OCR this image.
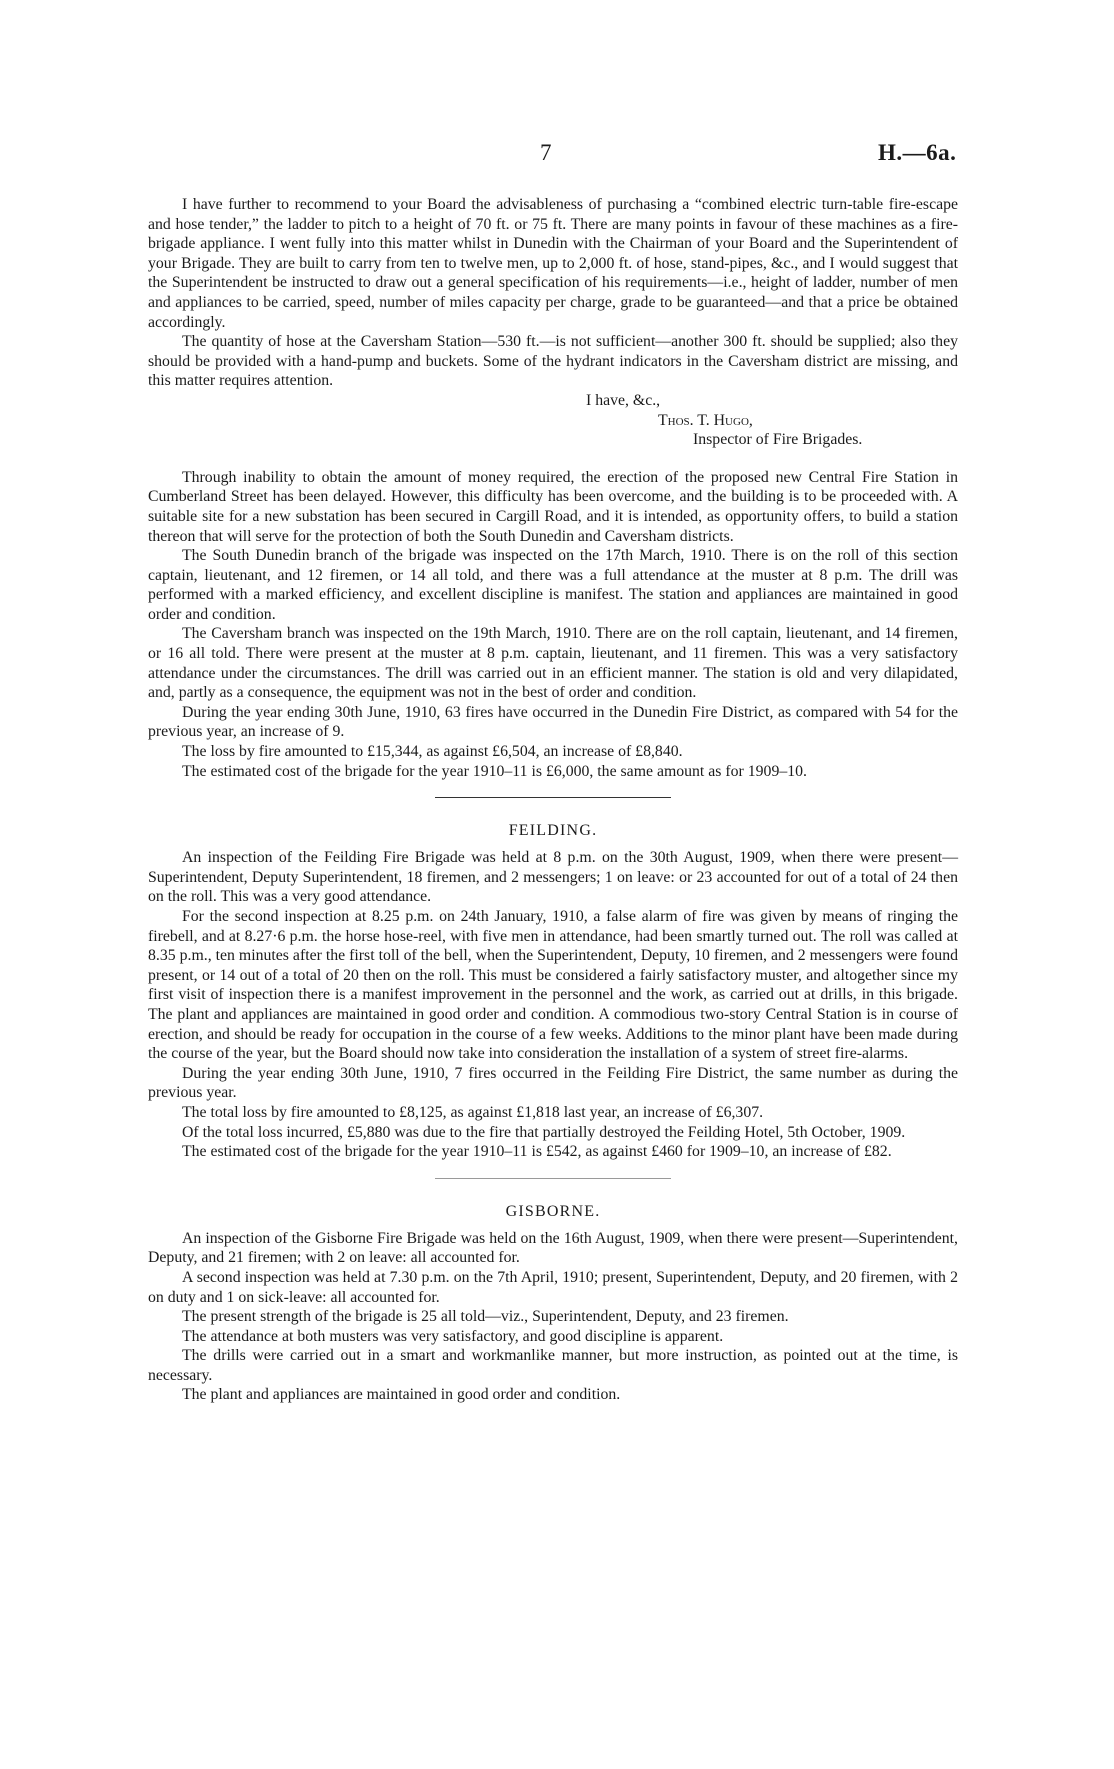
7	H.—6a.

I have further to recommend to your Board the advisableness of purchasing a “combined electric turn-table fire-escape and hose tender,” the ladder to pitch to a height of 70 ft. or 75 ft. There are many points in favour of these machines as a fire-brigade appliance. I went fully into this matter whilst in Dunedin with the Chairman of your Board and the Superintendent of your Brigade. They are built to carry from ten to twelve men, up to 2,000 ft. of hose, stand-pipes, &c., and I would suggest that the Superintendent be instructed to draw out a general specification of his requirements—i.e., height of ladder, number of men and appliances to be carried, speed, number of miles capacity per charge, grade to be guaranteed—and that a price be obtained accordingly.

The quantity of hose at the Caversham Station—530 ft.—is not sufficient—another 300 ft. should be supplied; also they should be provided with a hand-pump and buckets. Some of the hydrant indicators in the Caversham district are missing, and this matter requires attention.

I have, &c.,
Thos. T. Hugo,
Inspector of Fire Brigades.

Through inability to obtain the amount of money required, the erection of the proposed new Central Fire Station in Cumberland Street has been delayed. However, this difficulty has been overcome, and the building is to be proceeded with. A suitable site for a new substation has been secured in Cargill Road, and it is intended, as opportunity offers, to build a station thereon that will serve for the protection of both the South Dunedin and Caversham districts.

The South Dunedin branch of the brigade was inspected on the 17th March, 1910. There is on the roll of this section captain, lieutenant, and 12 firemen, or 14 all told, and there was a full attendance at the muster at 8 p.m. The drill was performed with a marked efficiency, and excellent discipline is manifest. The station and appliances are maintained in good order and condition.

The Caversham branch was inspected on the 19th March, 1910. There are on the roll captain, lieutenant, and 14 firemen, or 16 all told. There were present at the muster at 8 p.m. captain, lieutenant, and 11 firemen. This was a very satisfactory attendance under the circumstances. The drill was carried out in an efficient manner. The station is old and very dilapidated, and, partly as a consequence, the equipment was not in the best of order and condition.

During the year ending 30th June, 1910, 63 fires have occurred in the Dunedin Fire District, as compared with 54 for the previous year, an increase of 9.

The loss by fire amounted to £15,344, as against £6,504, an increase of £8,840.

The estimated cost of the brigade for the year 1910–11 is £6,000, the same amount as for 1909–10.

FEILDING.

An inspection of the Feilding Fire Brigade was held at 8 p.m. on the 30th August, 1909, when there were present—Superintendent, Deputy Superintendent, 18 firemen, and 2 messengers; 1 on leave: or 23 accounted for out of a total of 24 then on the roll. This was a very good attendance.

For the second inspection at 8.25 p.m. on 24th January, 1910, a false alarm of fire was given by means of ringing the firebell, and at 8.27·6 p.m. the horse hose-reel, with five men in attendance, had been smartly turned out. The roll was called at 8.35 p.m., ten minutes after the first toll of the bell, when the Superintendent, Deputy, 10 firemen, and 2 messengers were found present, or 14 out of a total of 20 then on the roll. This must be considered a fairly satisfactory muster, and altogether since my first visit of inspection there is a manifest improvement in the personnel and the work, as carried out at drills, in this brigade. The plant and appliances are maintained in good order and condition. A commodious two-story Central Station is in course of erection, and should be ready for occupation in the course of a few weeks. Additions to the minor plant have been made during the course of the year, but the Board should now take into consideration the installation of a system of street fire-alarms.

During the year ending 30th June, 1910, 7 fires occurred in the Feilding Fire District, the same number as during the previous year.

The total loss by fire amounted to £8,125, as against £1,818 last year, an increase of £6,307.

Of the total loss incurred, £5,880 was due to the fire that partially destroyed the Feilding Hotel, 5th October, 1909.

The estimated cost of the brigade for the year 1910–11 is £542, as against £460 for 1909–10, an increase of £82.

GISBORNE.

An inspection of the Gisborne Fire Brigade was held on the 16th August, 1909, when there were present—Superintendent, Deputy, and 21 firemen; with 2 on leave: all accounted for.

A second inspection was held at 7.30 p.m. on the 7th April, 1910; present, Superintendent, Deputy, and 20 firemen, with 2 on duty and 1 on sick-leave: all accounted for.

The present strength of the brigade is 25 all told—viz., Superintendent, Deputy, and 23 firemen.

The attendance at both musters was very satisfactory, and good discipline is apparent.

The drills were carried out in a smart and workmanlike manner, but more instruction, as pointed out at the time, is necessary.

The plant and appliances are maintained in good order and condition.
